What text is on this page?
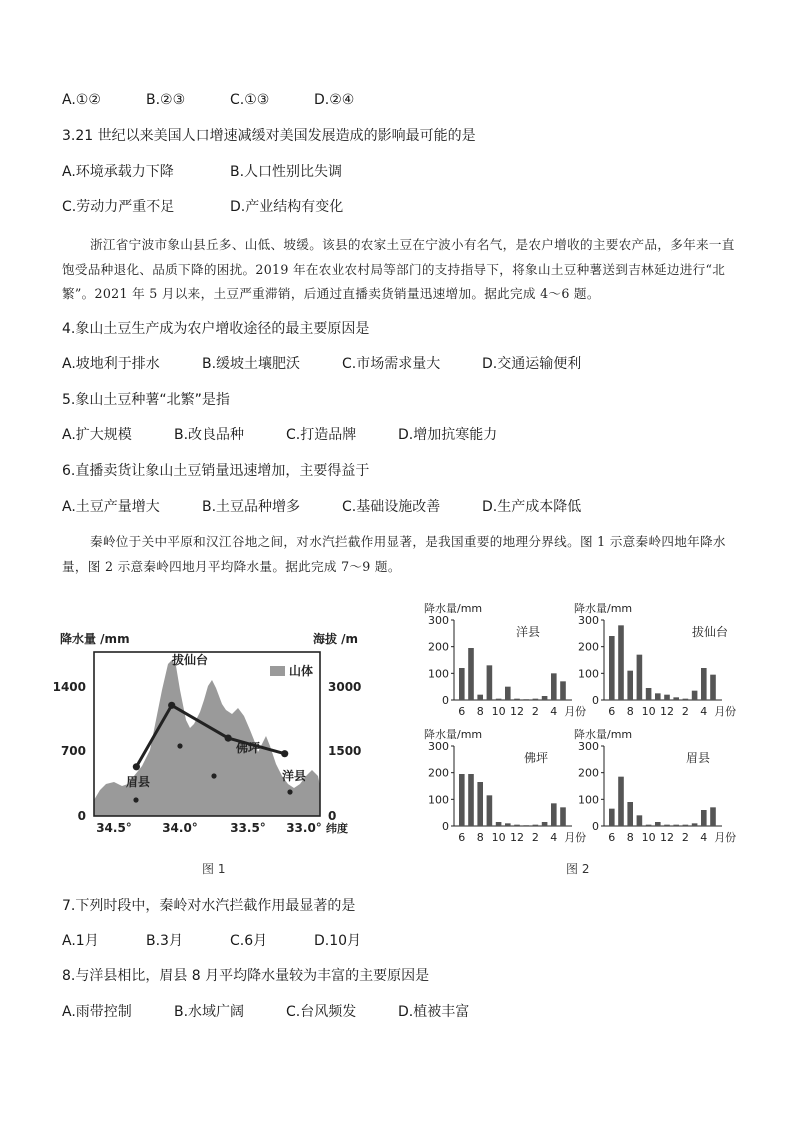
A.①②	B.②③	C.①③	D.②④
3.21 世纪以来美国人口增速减缓对美国发展造成的影响最可能的是
A.环境承载力下降	B.人口性别比失调
C.劳动力严重不足	D.产业结构有变化
浙江省宁波市象山县丘多、山低、坡缓。该县的农家土豆在宁波小有名气，是农户增收的主要农产品，多年来一直饱受品种退化、品质下降的困扰。2019 年在农业农村局等部门的支持指导下，将象山土豆种薯送到吉林延边进行“北繁”。2021 年 5 月以来，土豆严重滞销，后通过直播卖货销量迅速增加。据此完成 4～6 题。
4.象山土豆生产成为农户增收途径的最主要原因是
A.坡地利于排水	B.缓坡土壤肥沃	C.市场需求量大	D.交通运输便利
5.象山土豆种薯“北繁”是指
A.扩大规模	B.改良品种	C.打造品牌	D.增加抗寒能力
6.直播卖货让象山土豆销量迅速增加，主要得益于
A.土豆产量增大	B.土豆品种增多	C.基础设施改善	D.生产成本降低
秦岭位于关中平原和汉江谷地之间，对水汽拦截作用显著，是我国重要的地理分界线。图 1 示意秦岭四地年降水量，图 2 示意秦岭四地月平均降水量。据此完成 7～9 题。
降水量 /mm	海拔 /m
0
700
1400
0
1500
3000
34.5°	34.0°	33.5° 33.0° 纬度
山体
拔仙台
佛坪
眉县	洋县
图 1
降水量/mm
0
100
200
300
6 8 10 12 2 4 月份
洋县
降水量/mm
0
100
200
300
6 8 10 12 2 4 月份
拔仙台
降水量/mm
0
100
200
300
6 8 10 12 2 4 月份
佛坪
降水量/mm
0
100
200
300
6 8 10 12 2 4 月份
眉县
图 2
7.下列时段中，秦岭对水汽拦截作用最显著的是
A.1月	B.3月	C.6月	D.10月
8.与洋县相比，眉县 8 月平均降水量较为丰富的主要原因是
A.雨带控制	B.水域广阔	C.台风频发	D.植被丰富
